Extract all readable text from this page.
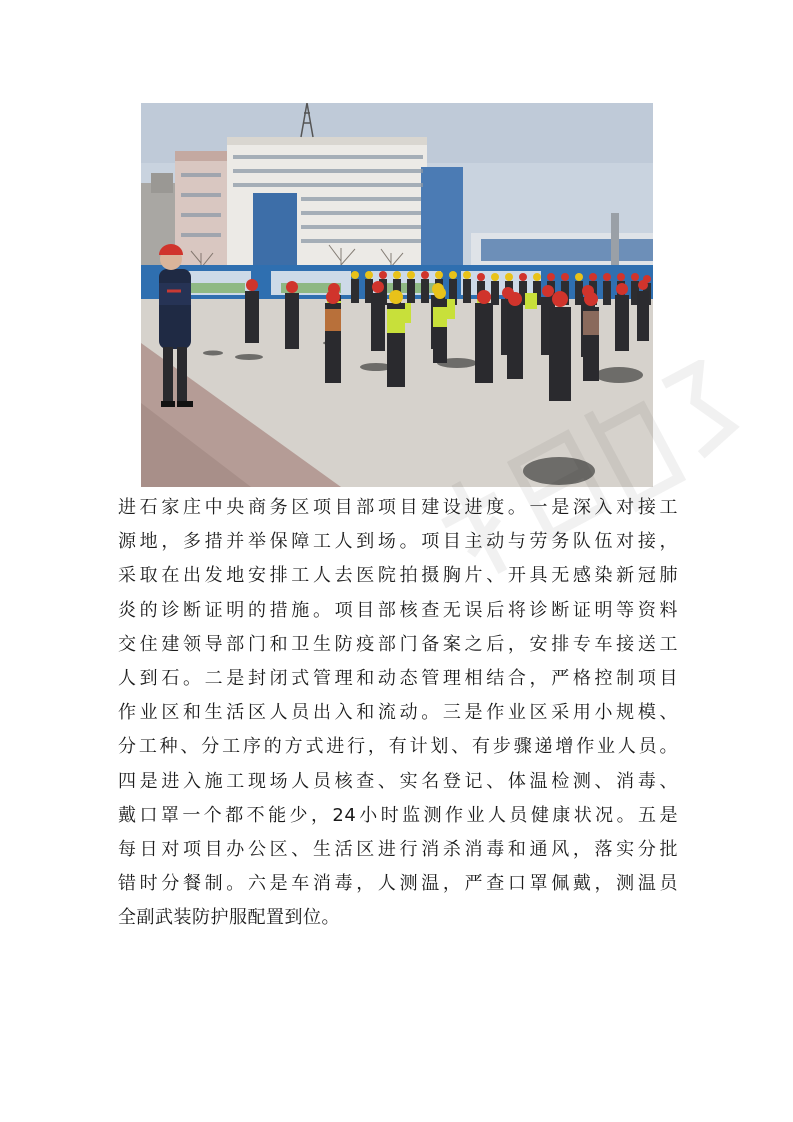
进石家庄中央商务区项目部项目建设进度。一是深入对接工
源地，多措并举保障工人到场。项目主动与劳务队伍对接，
采取在出发地安排工人去医院拍摄胸片、开具无感染新冠肺
炎的诊断证明的措施。项目部核查无误后将诊断证明等资料
交住建领导部门和卫生防疫部门备案之后，安排专车接送工
人到石。二是封闭式管理和动态管理相结合，严格控制项目
作业区和生活区人员出入和流动。三是作业区采用小规模、
分工种、分工序的方式进行，有计划、有步骤递增作业人员。
四是进入施工现场人员核查、实名登记、体温检测、消毒、
戴口罩一个都不能少，24小时监测作业人员健康状况。五是
每日对项目办公区、生活区进行消杀消毒和通风，落实分批
错时分餐制。六是车消毒，人测温，严查口罩佩戴，测温员
全副武装防护服配置到位。
